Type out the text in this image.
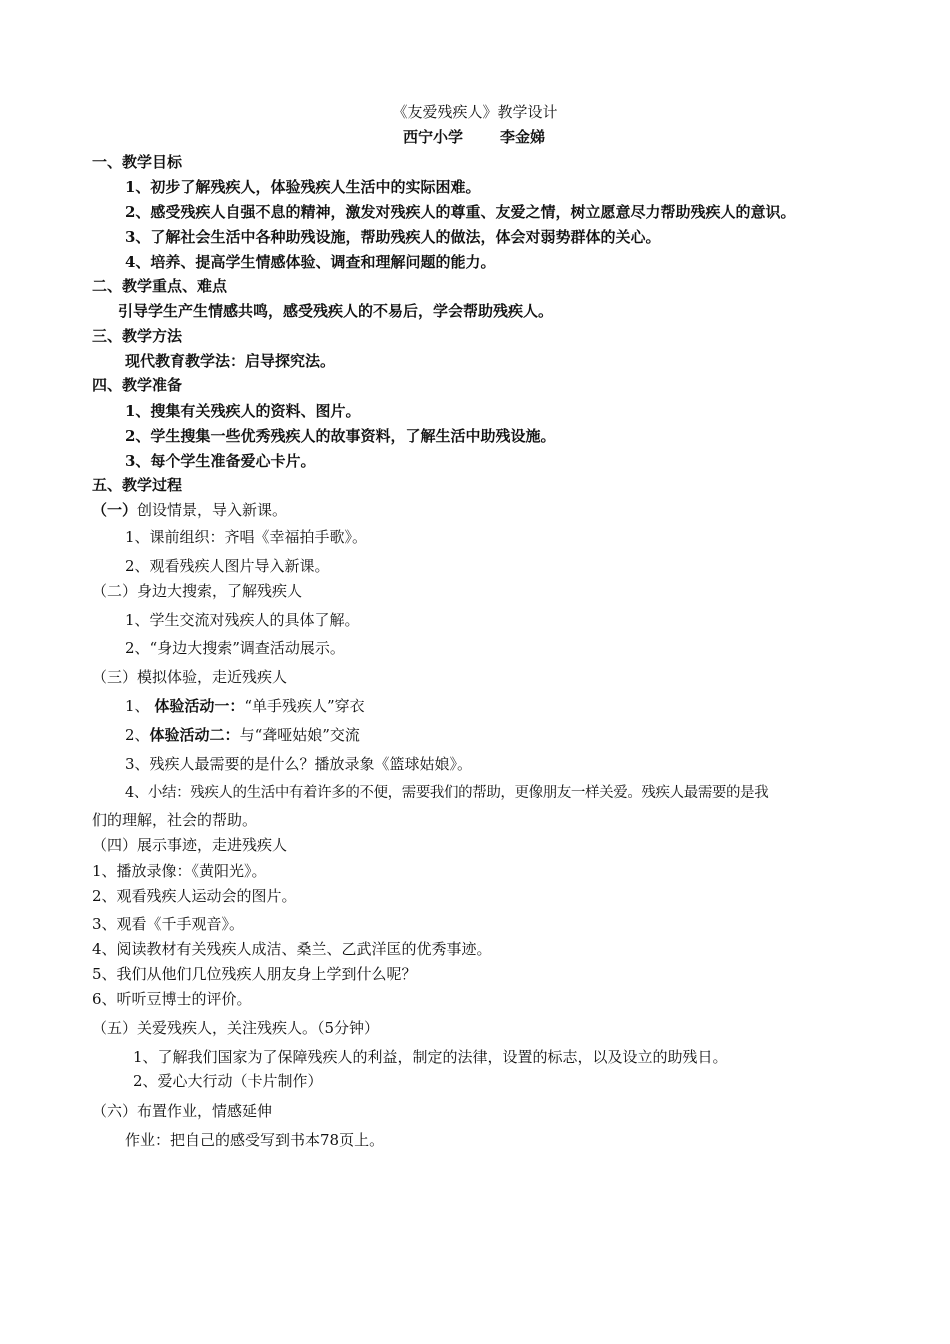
《友爱残疾人》教学设计
西宁小学 李金娣
一、教学目标
1、初步了解残疾人，体验残疾人生活中的实际困难。
2、感受残疾人自强不息的精神，激发对残疾人的尊重、友爱之情，树立愿意尽力帮助残疾人的意识。
3、了解社会生活中各种助残设施，帮助残疾人的做法，体会对弱势群体的关心。
4、培养、提高学生情感体验、调查和理解问题的能力。
二、教学重点、难点
引导学生产生情感共鸣，感受残疾人的不易后，学会帮助残疾人。
三、教学方法
现代教育教学法：启导探究法。
四、教学准备
1、搜集有关残疾人的资料、图片。
2、学生搜集一些优秀残疾人的故事资料，了解生活中助残设施。
3、每个学生准备爱心卡片。
五、教学过程
（一）创设情景，导入新课。
1、课前组织：齐唱《幸福拍手歌》。
2、观看残疾人图片导入新课。
（二）身边大搜索，了解残疾人
1、学生交流对残疾人的具体了解。
2、“身边大搜索”调查活动展示。
（三）模拟体验，走近残疾人
1、 体验活动一：“单手残疾人”穿衣
2、体验活动二：与“聋哑姑娘”交流
3、残疾人最需要的是什么？播放录象《篮球姑娘》。
4、小结：残疾人的生活中有着许多的不便，需要我们的帮助，更像朋友一样关爱。残疾人最需要的是我
们的理解，社会的帮助。
（四）展示事迹，走进残疾人
1、播放录像：《黄阳光》。
2、观看残疾人运动会的图片。
3、观看《千手观音》。
4、阅读教材有关残疾人成洁、桑兰、乙武洋匡的优秀事迹。
5、我们从他们几位残疾人朋友身上学到什么呢？
6、听听豆博士的评价。
（五）关爱残疾人，关注残疾人。（5分钟）
1、了解我们国家为了保障残疾人的利益，制定的法律，设置的标志，以及设立的助残日。
2、爱心大行动（卡片制作）
（六）布置作业，情感延伸
作业：把自己的感受写到书本78页上。
